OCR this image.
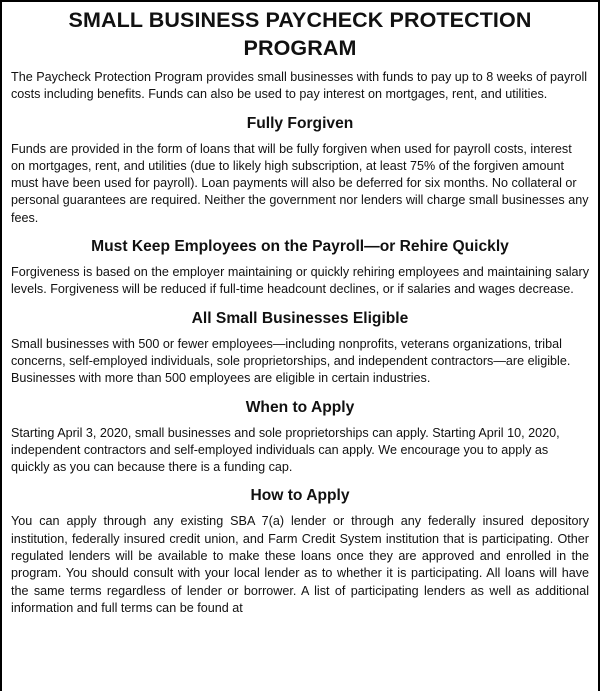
SMALL BUSINESS PAYCHECK PROTECTION PROGRAM

The Paycheck Protection Program provides small businesses with funds to pay up to 8 weeks of payroll costs including benefits. Funds can also be used to pay interest on mortgages, rent, and utilities.

Fully Forgiven

Funds are provided in the form of loans that will be fully forgiven when used for payroll costs, interest on mortgages, rent, and utilities (due to likely high subscription, at least 75% of the forgiven amount must have been used for payroll). Loan payments will also be deferred for six months. No collateral or personal guarantees are required. Neither the government nor lenders will charge small businesses any fees.

Must Keep Employees on the Payroll—or Rehire Quickly

Forgiveness is based on the employer maintaining or quickly rehiring employees and maintaining salary levels. Forgiveness will be reduced if full-time headcount declines, or if salaries and wages decrease.

All Small Businesses Eligible

Small businesses with 500 or fewer employees—including nonprofits, veterans organizations, tribal concerns, self-employed individuals, sole proprietorships, and independent contractors—are eligible. Businesses with more than 500 employees are eligible in certain industries.

When to Apply

Starting April 3, 2020, small businesses and sole proprietorships can apply. Starting April 10, 2020, independent contractors and self-employed individuals can apply. We encourage you to apply as quickly as you can because there is a funding cap.

How to Apply

You can apply through any existing SBA 7(a) lender or through any federally insured depository institution, federally insured credit union, and Farm Credit System institution that is participating. Other regulated lenders will be available to make these loans once they are approved and enrolled in the program. You should consult with your local lender as to whether it is participating. All loans will have the same terms regardless of lender or borrower. A list of participating lenders as well as additional information and full terms can be found at
